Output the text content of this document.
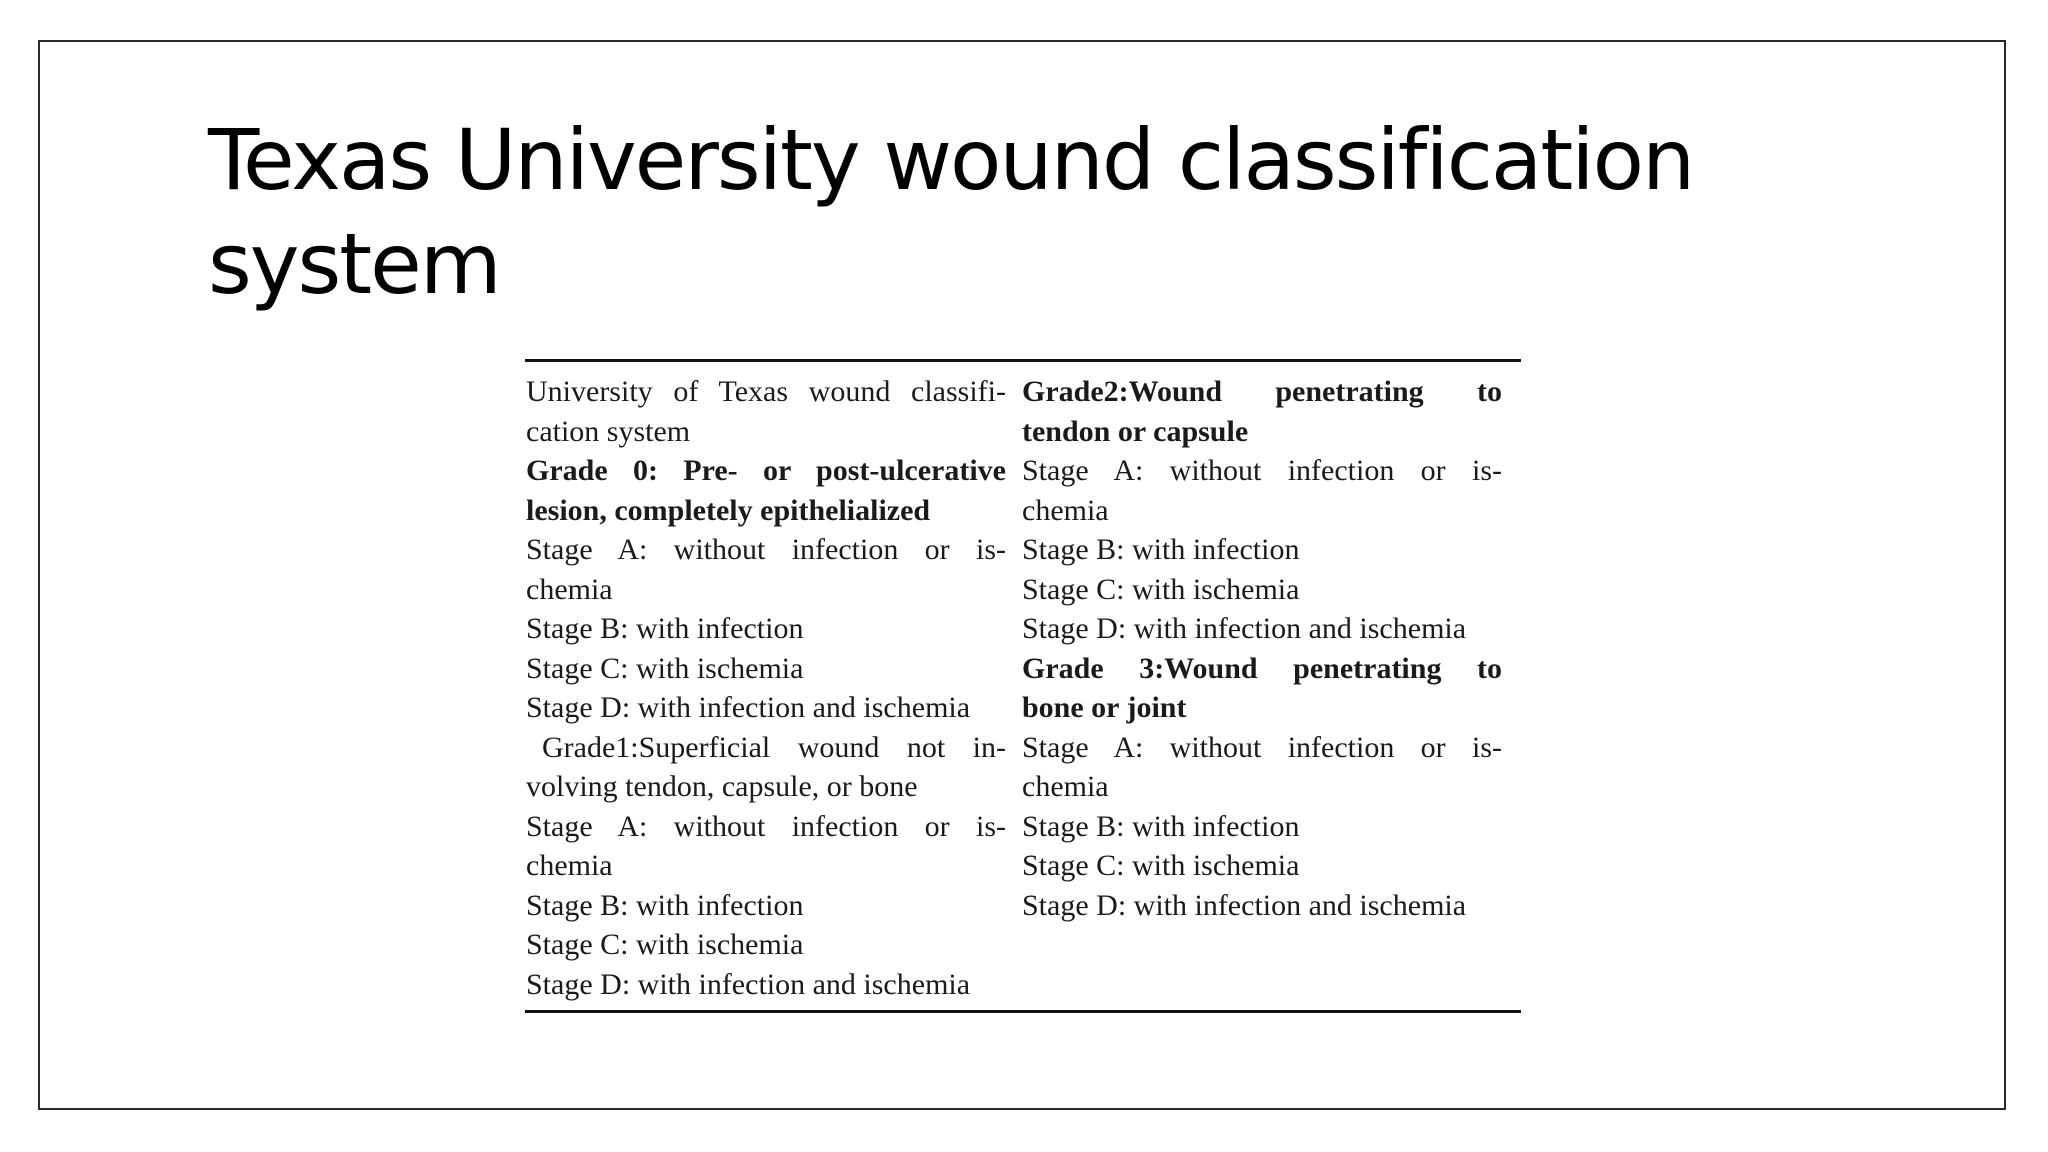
Texas University wound classification system
University of Texas wound classifi-
cation system
Grade 0: Pre- or post-ulcerative
lesion, completely epithelialized
Stage A: without infection or is-
chemia
Stage B: with infection
Stage C: with ischemia
Stage D: with infection and ischemia
Grade1:Superficial wound not in-
volving tendon, capsule, or bone
Stage A: without infection or is-
chemia
Stage B: with infection
Stage C: with ischemia
Stage D: with infection and ischemia
Grade2:Wound penetrating to
tendon or capsule
Stage A: without infection or is-
chemia
Stage B: with infection
Stage C: with ischemia
Stage D: with infection and ischemia
Grade 3:Wound penetrating to
bone or joint
Stage A: without infection or is-
chemia
Stage B: with infection
Stage C: with ischemia
Stage D: with infection and ischemia
